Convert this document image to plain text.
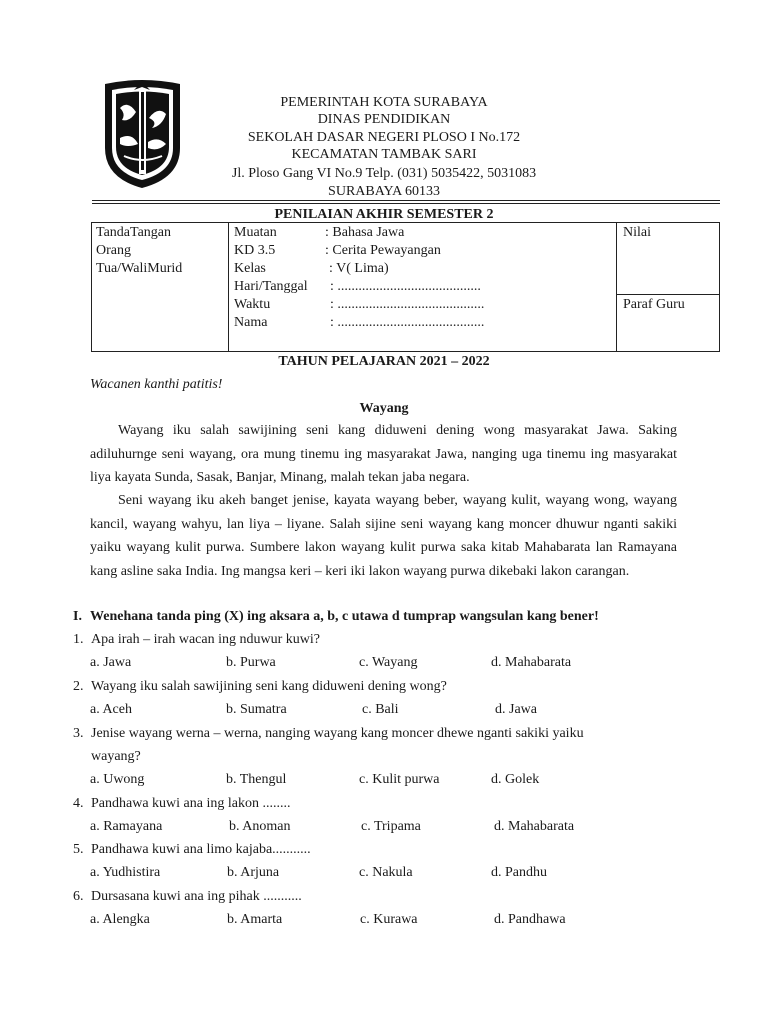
PEMERINTAH KOTA SURABAYA
DINAS PENDIDIKAN
SEKOLAH DASAR NEGERI PLOSO I No.172
KECAMATAN TAMBAK SARI
Jl. Ploso Gang VI No.9 Telp. (031) 5035422, 5031083
SURABAYA 60133
PENILAIAN AKHIR SEMESTER 2
TandaTangan
Orang
Tua/WaliMurid
Muatan	: Bahasa Jawa
KD 3.5	: Cerita Pewayangan
Kelas	: V( Lima)
Hari/Tanggal : .........................................
Waktu	: ..........................................
Nama	: ..........................................
Nilai
Paraf Guru
TAHUN PELAJARAN 2021 – 2022
Wacanen kanthi patitis!
Wayang
Wayang iku salah sawijining seni kang diduweni dening wong masyarakat Jawa. Saking adiluhurnge seni wayang, ora mung tinemu ing masyarakat Jawa, nanging uga tinemu ing masyarakat liya kayata Sunda, Sasak, Banjar, Minang, malah tekan jaba negara.
Seni wayang iku akeh banget jenise, kayata wayang beber, wayang kulit, wayang wong, wayang kancil, wayang wahyu, lan liya – liyane. Salah sijine seni wayang kang moncer dhuwur nganti sakiki yaiku wayang kulit purwa. Sumbere lakon wayang kulit purwa saka kitab Mahabarata lan Ramayana kang asline saka India. Ing mangsa keri – keri iki lakon wayang purwa dikebaki lakon carangan.
I. Wenehana tanda ping (X) ing aksara a, b, c utawa d tumprap wangsulan kang bener!
1. Apa irah – irah wacan ing nduwur kuwi?
a. Jawa	b. Purwa	c. Wayang	d. Mahabarata
2. Wayang iku salah sawijining seni kang diduweni dening wong?
a. Aceh	b. Sumatra	c. Bali	d. Jawa
3. Jenise wayang werna – werna, nanging wayang kang moncer dhewe nganti sakiki yaiku
wayang?
a. Uwong	b. Thengul	c. Kulit purwa	d. Golek
4. Pandhawa kuwi ana ing lakon ........
a. Ramayana	b. Anoman	c. Tripama	d. Mahabarata
5. Pandhawa kuwi ana limo kajaba...........
a. Yudhistira	b. Arjuna	c. Nakula	d. Pandhu
6. Dursasana kuwi ana ing pihak ...........
a. Alengka	b. Amarta	c. Kurawa	d. Pandhawa
